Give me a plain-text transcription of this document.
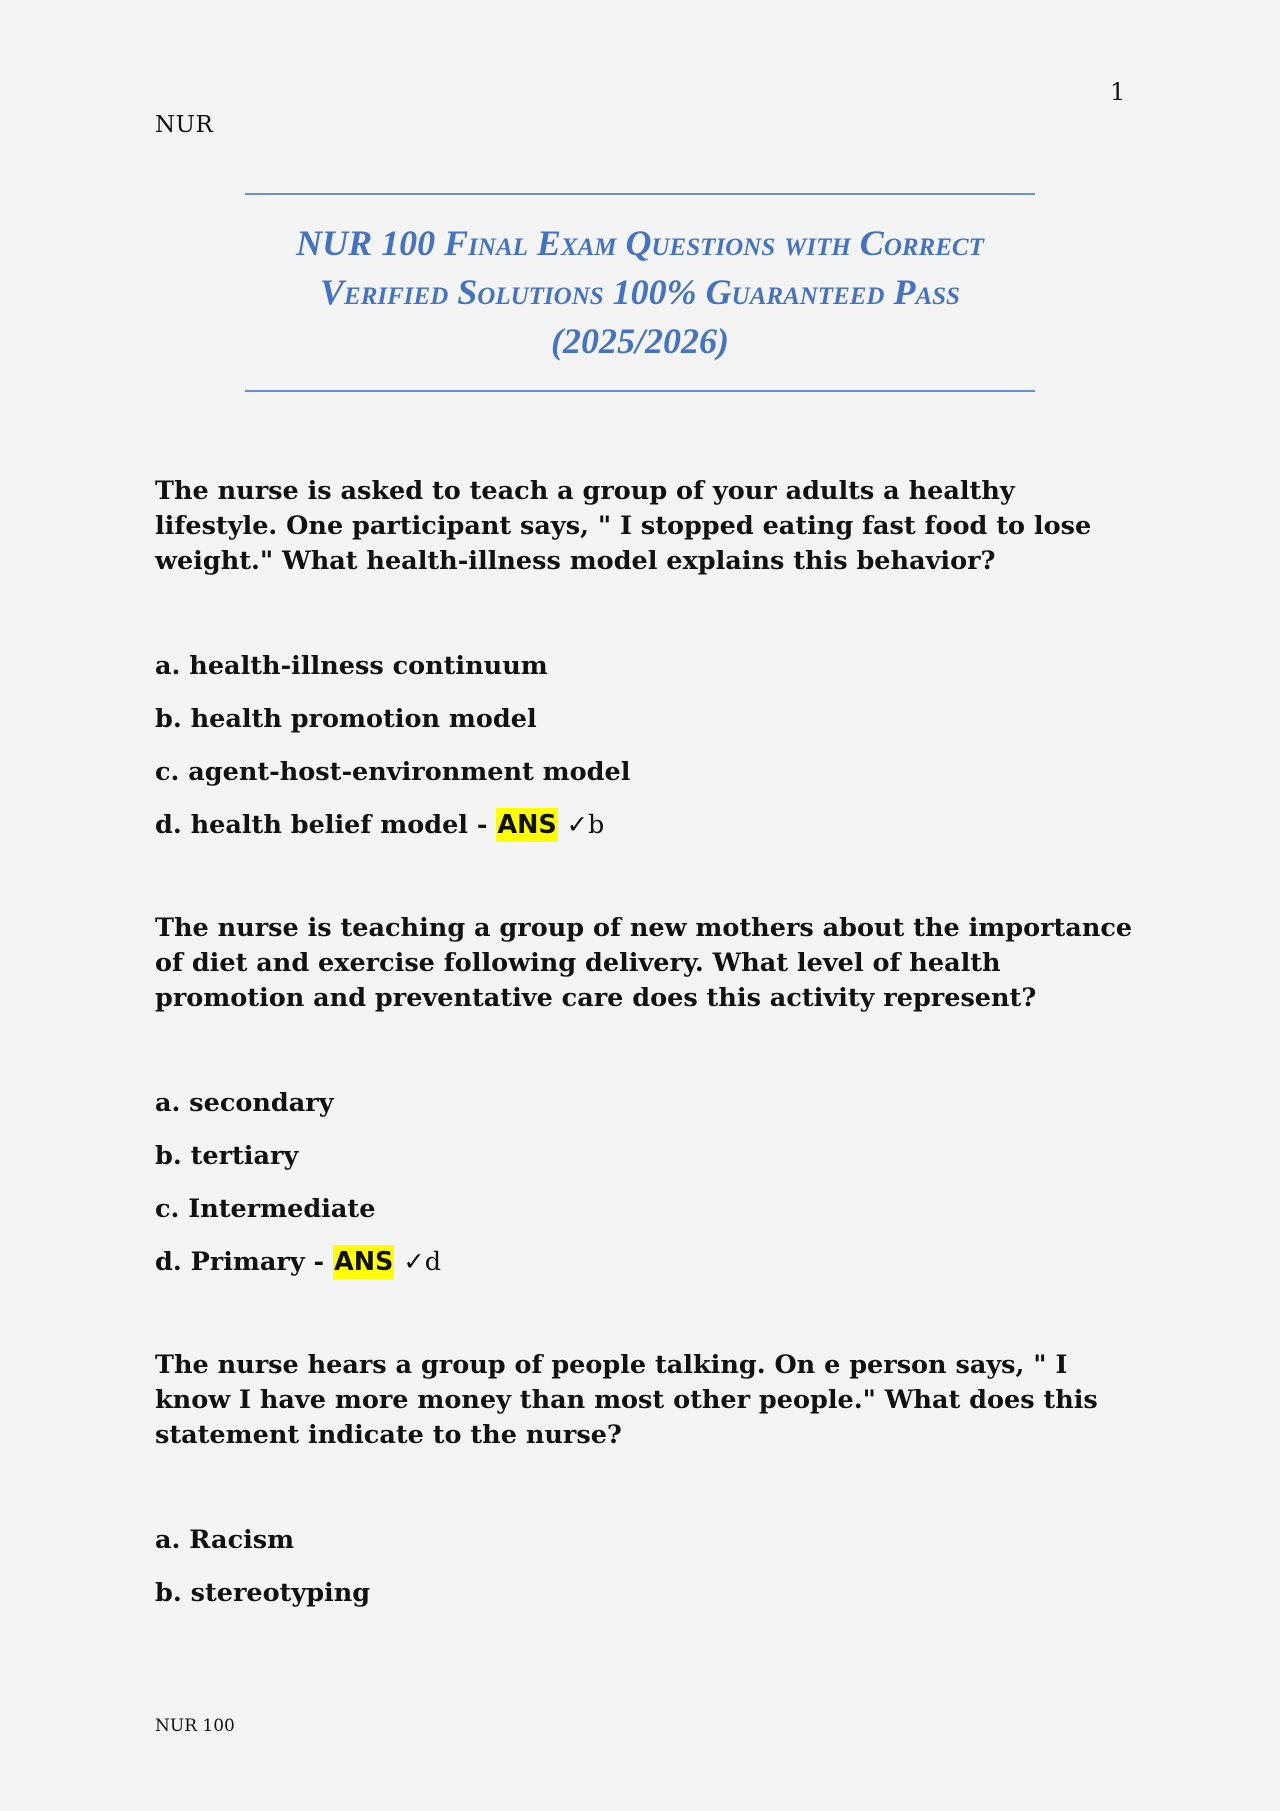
1
NUR
NUR 100 Final Exam Questions with Correct
Verified Solutions 100% Guaranteed Pass
(2025/2026)

The nurse is asked to teach a group of your adults a healthy lifestyle. One participant says, " I stopped eating fast food to lose weight." What health-illness model explains this behavior?

a. health-illness continuum
b. health promotion model
c. agent-host-environment model
d. health belief model - ANS ✓b

The nurse is teaching a group of new mothers about the importance of diet and exercise following delivery. What level of health promotion and preventative care does this activity represent?

a. secondary
b. tertiary
c. Intermediate
d. Primary - ANS ✓d

The nurse hears a group of people talking. On e person says, " I know I have more money than most other people." What does this statement indicate to the nurse?

a. Racism
b. stereotyping
NUR 100
